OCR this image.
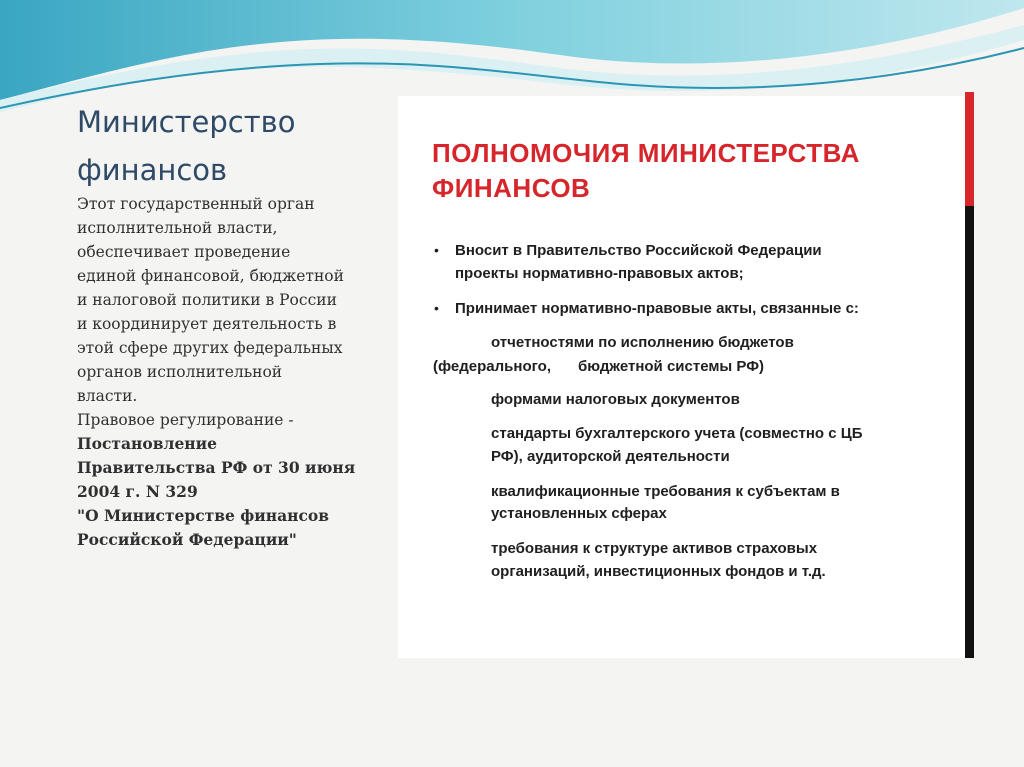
Министерство
финансов
Этот государственный орган
исполнительной власти,
обеспечивает проведение
единой финансовой, бюджетной
и налоговой политики в России
и координирует деятельность в
этой сфере других федеральных
органов исполнительной
власти.
Правовое регулирование -
Постановление
Правительства РФ от 30 июня
2004 г. N 329
"О Министерстве финансов
Российской Федерации"
ПОЛНОМОЧИЯ МИНИСТЕРСТВА
ФИНАНСОВ
• Вносит в Правительство Российской Федерации
проекты нормативно-правовых актов;
• Принимает нормативно-правовые акты, связанные с:
отчетностями по исполнению бюджетов
(федерального, бюджетной системы РФ)
формами налоговых документов
стандарты бухгалтерского учета (совместно с ЦБ
РФ), аудиторской деятельности
квалификационные требования к субъектам в
установленных сферах
требования к структуре активов страховых
организаций, инвестиционных фондов и т.д.
